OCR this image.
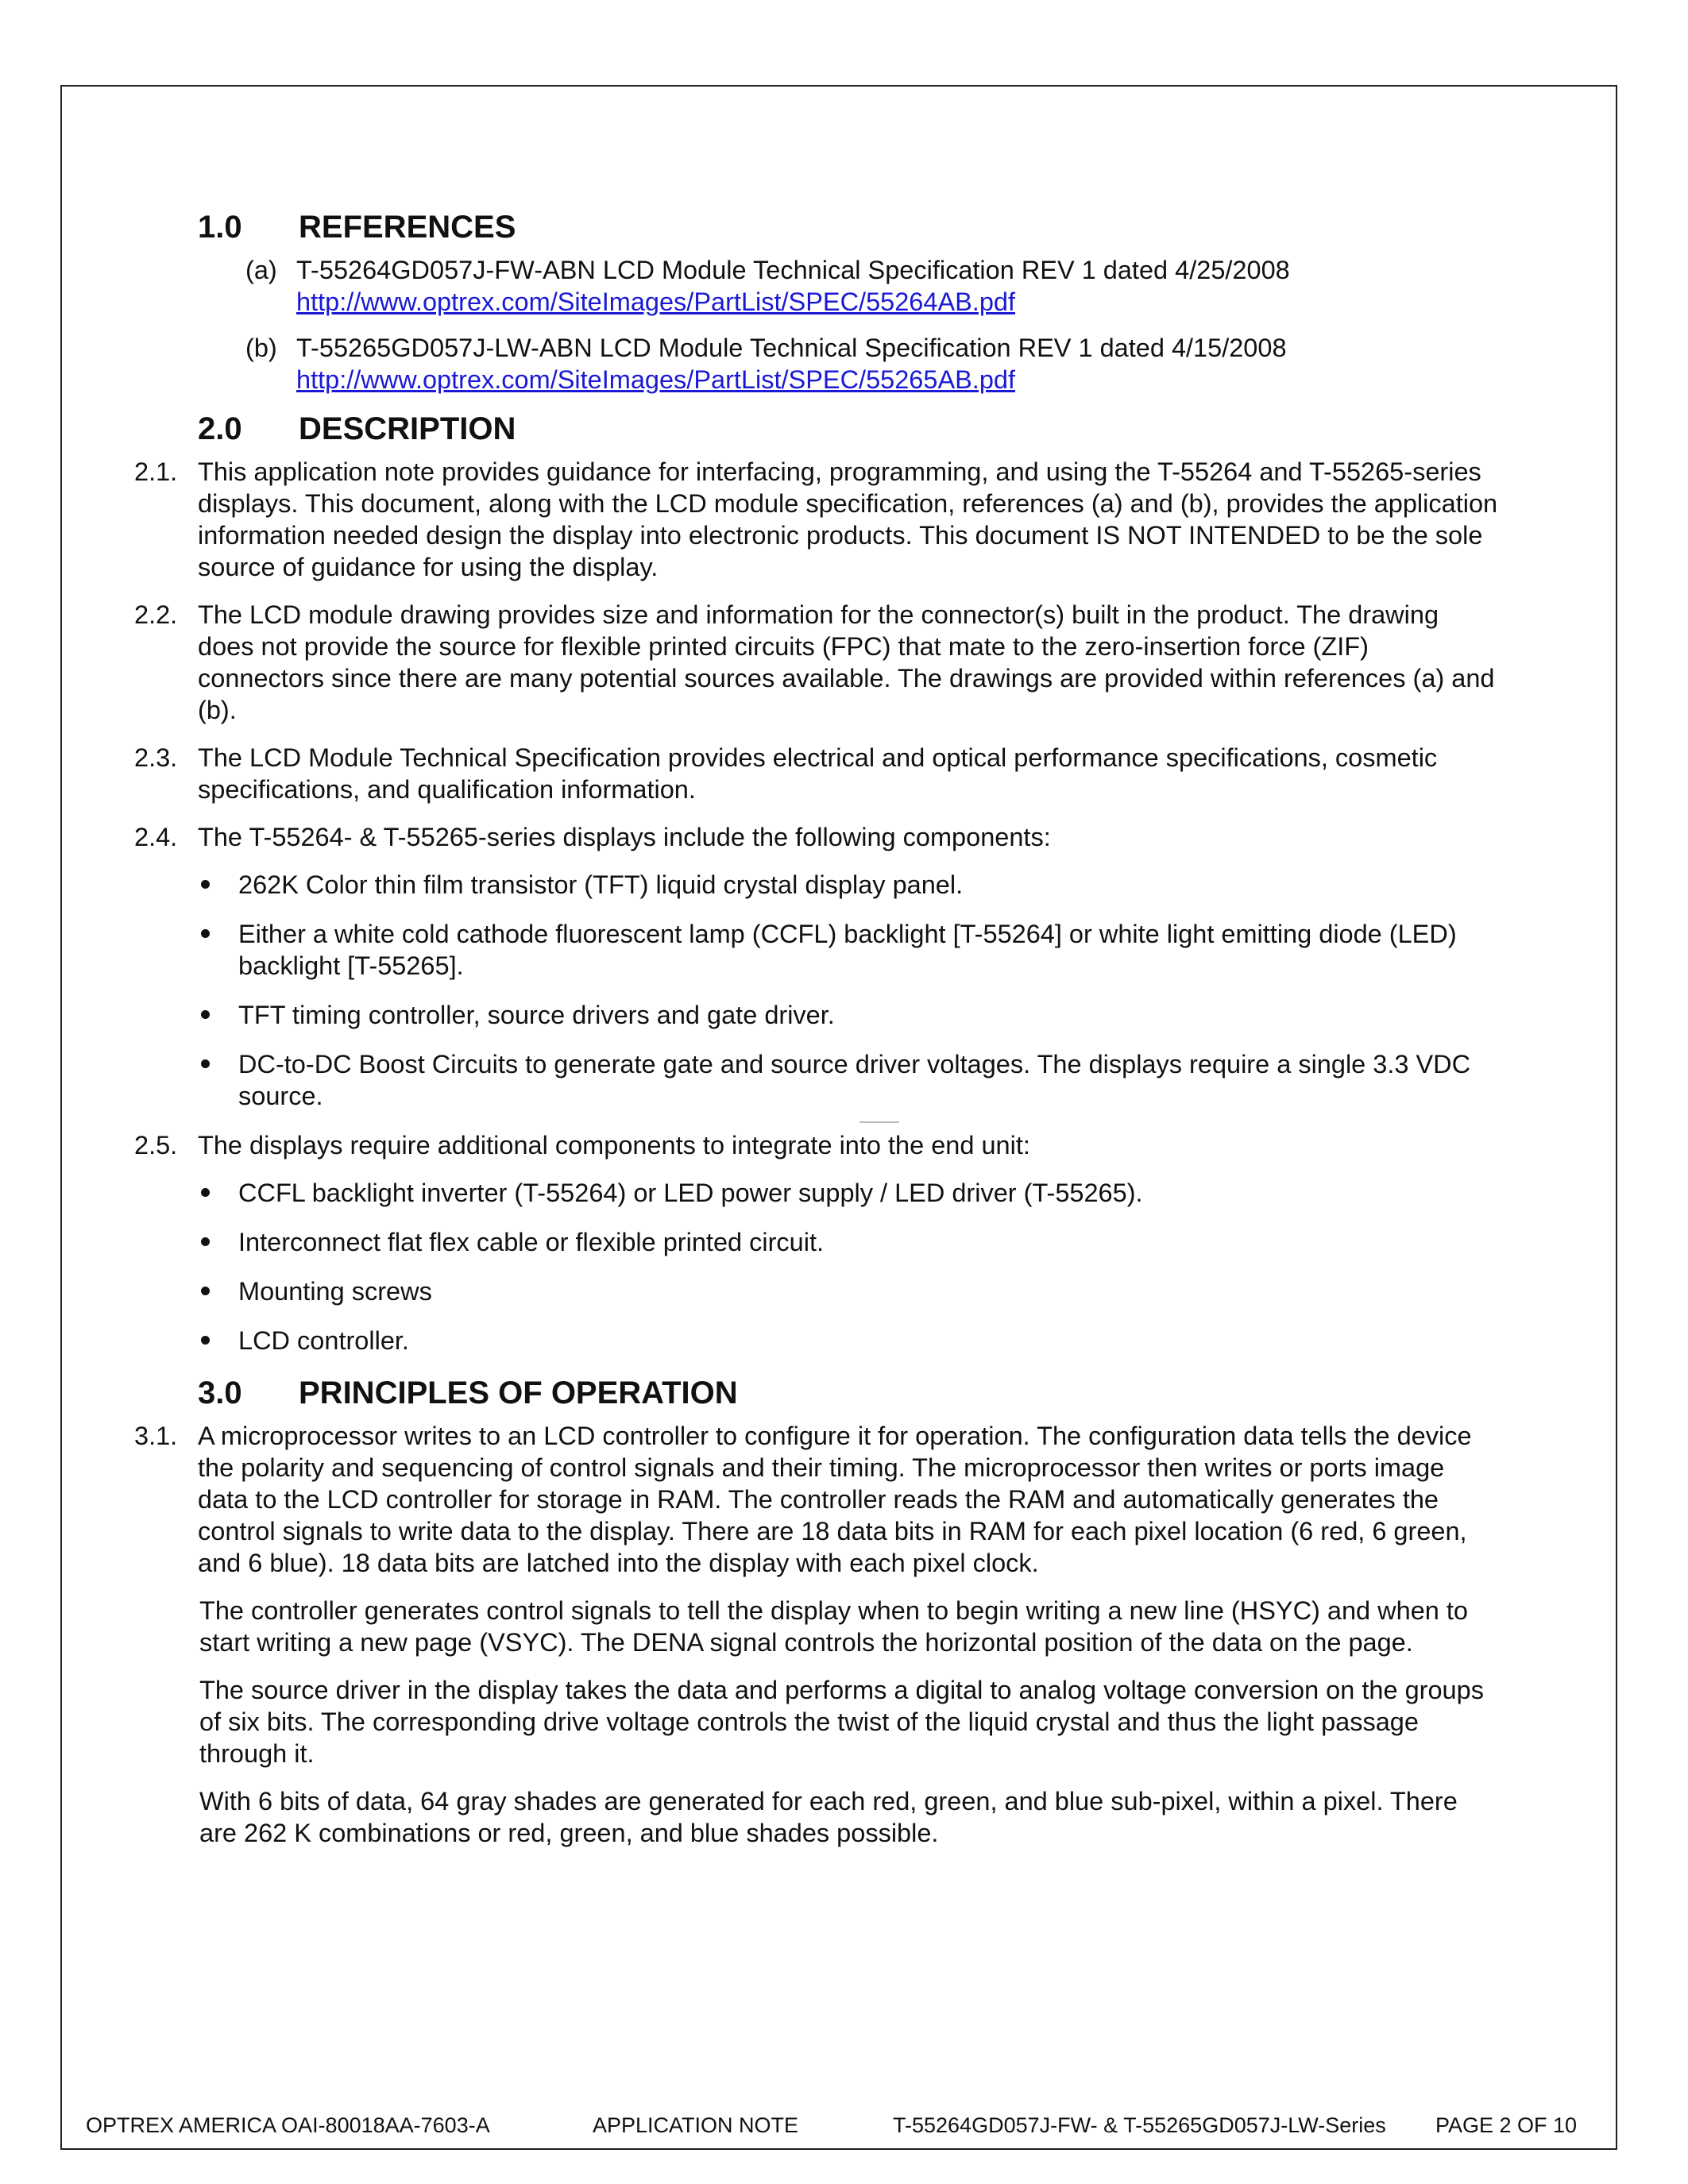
1.0	REFERENCES
(a) T-55264GD057J-FW-ABN LCD Module Technical Specification REV 1 dated 4/25/2008
http://www.optrex.com/SiteImages/PartList/SPEC/55264AB.pdf
(b) T-55265GD057J-LW-ABN LCD Module Technical Specification REV 1 dated 4/15/2008
http://www.optrex.com/SiteImages/PartList/SPEC/55265AB.pdf
2.0	DESCRIPTION
2.1. This application note provides guidance for interfacing, programming, and using the T-55264 and T-55265-series displays. This document, along with the LCD module specification, references (a) and (b), provides the application information needed design the display into electronic products. This document IS NOT INTENDED to be the sole source of guidance for using the display.
2.2. The LCD module drawing provides size and information for the connector(s) built in the product. The drawing does not provide the source for flexible printed circuits (FPC) that mate to the zero-insertion force (ZIF) connectors since there are many potential sources available. The drawings are provided within references (a) and (b).
2.3. The LCD Module Technical Specification provides electrical and optical performance specifications, cosmetic specifications, and qualification information.
2.4. The T-55264- & T-55265-series displays include the following components:
262K Color thin film transistor (TFT) liquid crystal display panel.
Either a white cold cathode fluorescent lamp (CCFL) backlight [T-55264] or white light emitting diode (LED) backlight [T-55265].
TFT timing controller, source drivers and gate driver.
DC-to-DC Boost Circuits to generate gate and source driver voltages. The displays require a single 3.3 VDC source.
2.5. The displays require additional components to integrate into the end unit:
CCFL backlight inverter (T-55264) or LED power supply / LED driver (T-55265).
Interconnect flat flex cable or flexible printed circuit.
Mounting screws
LCD controller.
3.0	PRINCIPLES OF OPERATION
3.1. A microprocessor writes to an LCD controller to configure it for operation. The configuration data tells the device the polarity and sequencing of control signals and their timing. The microprocessor then writes or ports image data to the LCD controller for storage in RAM. The controller reads the RAM and automatically generates the control signals to write data to the display. There are 18 data bits in RAM for each pixel location (6 red, 6 green, and 6 blue). 18 data bits are latched into the display with each pixel clock.
The controller generates control signals to tell the display when to begin writing a new line (HSYC) and when to start writing a new page (VSYC). The DENA signal controls the horizontal position of the data on the page.
The source driver in the display takes the data and performs a digital to analog voltage conversion on the groups of six bits. The corresponding drive voltage controls the twist of the liquid crystal and thus the light passage through it.
With 6 bits of data, 64 gray shades are generated for each red, green, and blue sub-pixel, within a pixel. There are 262 K combinations or red, green, and blue shades possible.
OPTREX AMERICA OAI-80018AA-7603-A	APPLICATION NOTE	T-55264GD057J-FW- & T-55265GD057J-LW-Series PAGE 2 OF 10
